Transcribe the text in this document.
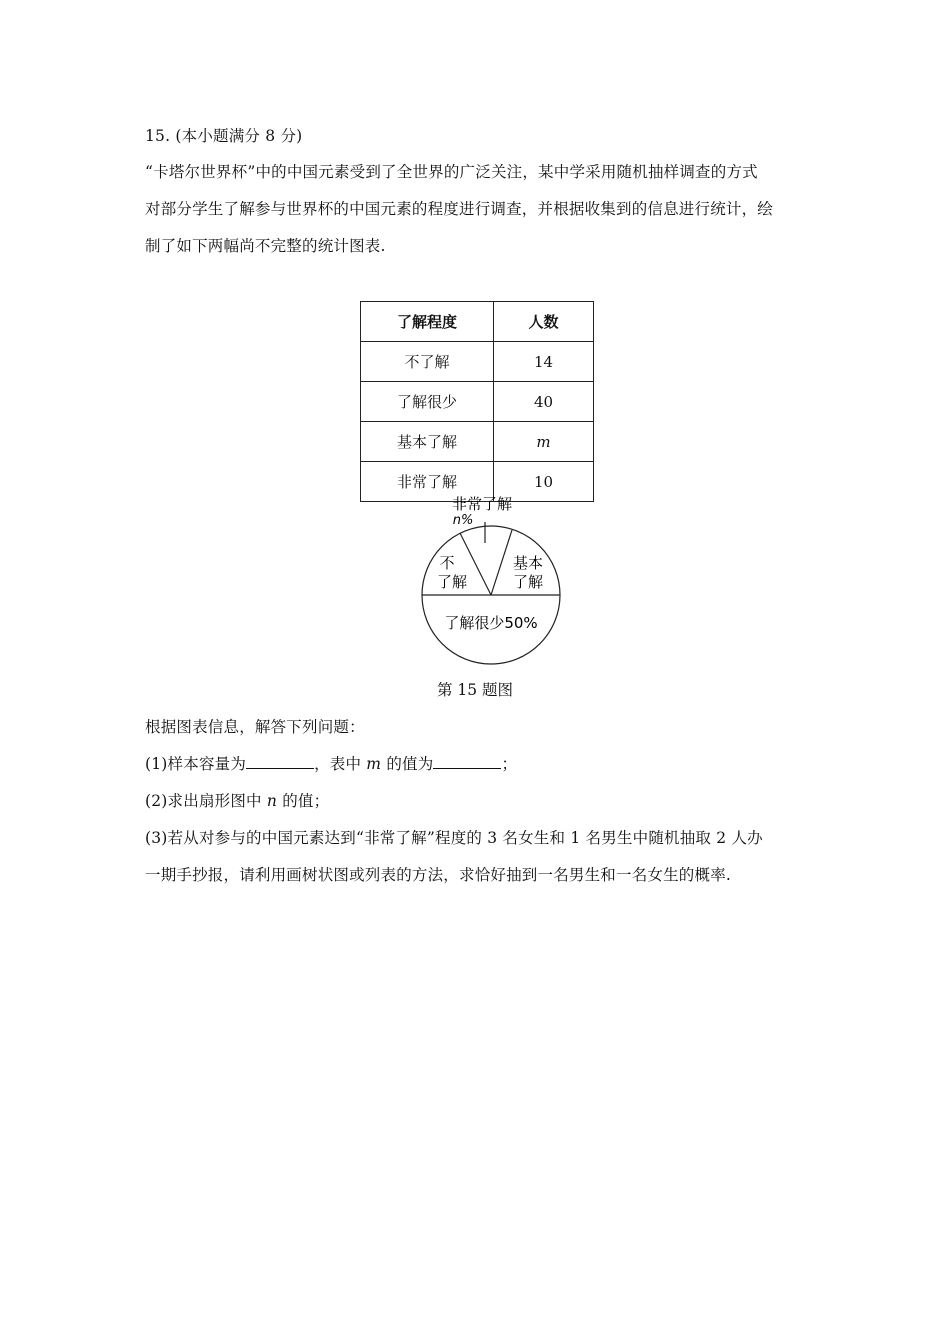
15. (本小题满分 8 分)
“卡塔尔世界杯”中的中国元素受到了全世界的广泛关注，某中学采用随机抽样调查的方式
对部分学生了解参与世界杯的中国元素的程度进行调查，并根据收集到的信息进行统计，绘
制了如下两幅尚不完整的统计图表.
了解程度	人数
不了解	14
了解很少	40
基本了解	m
非常了解	10
非常了解
n%
不
了解
基本
了解
了解很少50%
第 15 题图
根据图表信息，解答下列问题：
(1)样本容量为	，表中 m 的值为	；
(2)求出扇形图中 n 的值；
(3)若从对参与的中国元素达到“非常了解”程度的 3 名女生和 1 名男生中随机抽取 2 人办
一期手抄报，请利用画树状图或列表的方法，求恰好抽到一名男生和一名女生的概率.
